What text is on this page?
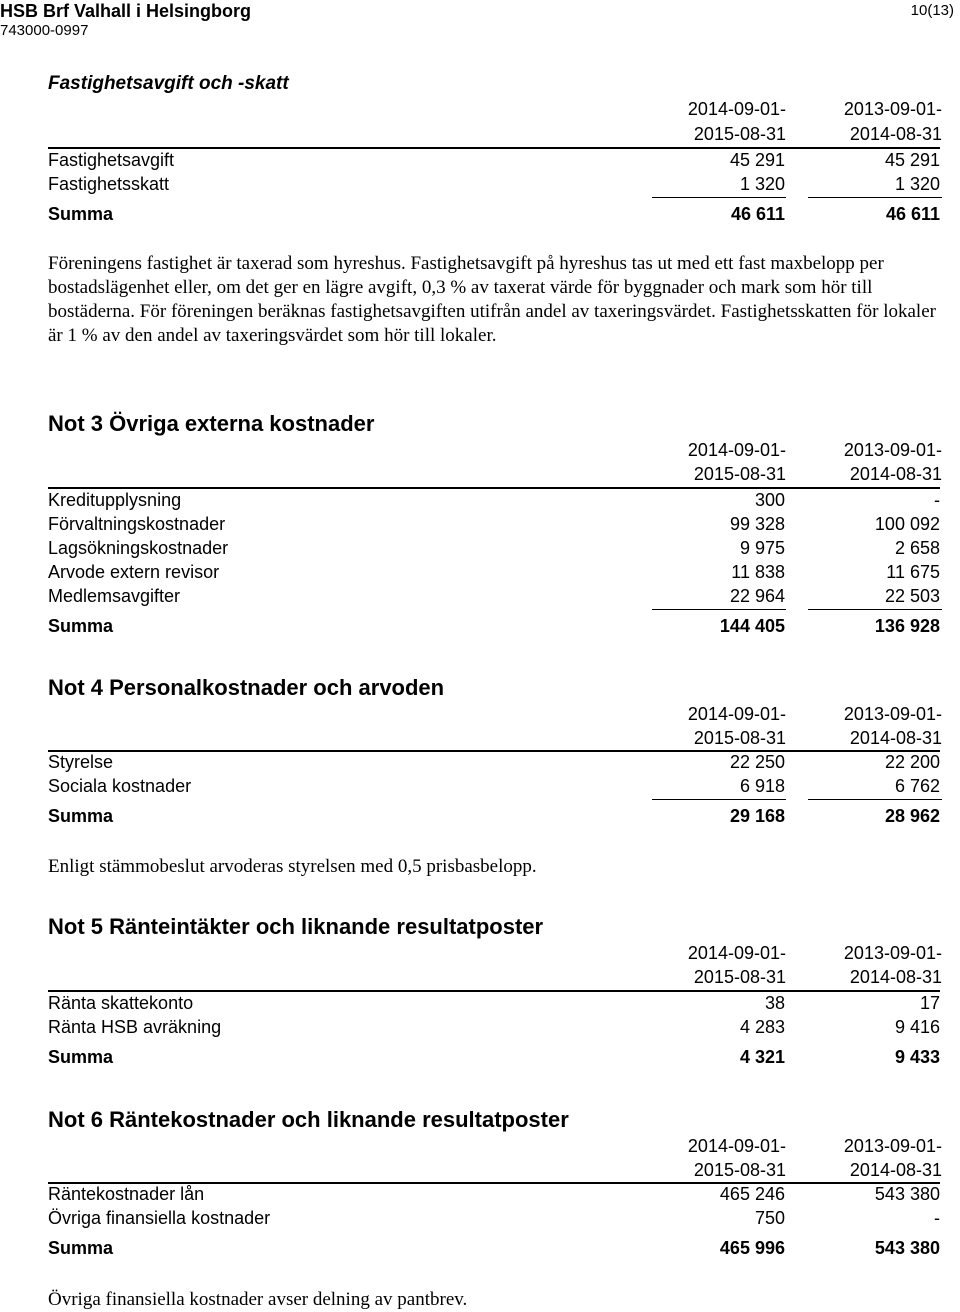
HSB Brf Valhall i Helsingborg
743000-0997
10(13)
Fastighetsavgift och -skatt
2014-09-01-
2015-08-31
2013-09-01-
2014-08-31
Fastighetsavgift	45 291	45 291
Fastighetsskatt	1 320	1 320
Summa	46 611	46 611

Föreningens fastighet är taxerad som hyreshus. Fastighetsavgift på hyreshus tas ut med ett fast maxbelopp per bostadslägenhet eller, om det ger en lägre avgift, 0,3 % av taxerat värde för byggnader och mark som hör till bostäderna. För föreningen beräknas fastighetsavgiften utifrån andel av taxeringsvärdet. Fastighetsskatten för lokaler är 1 % av den andel av taxeringsvärdet som hör till lokaler.

Not 3 Övriga externa kostnader
2014-09-01-
2015-08-31
2013-09-01-
2014-08-31
Kreditupplysning	300	-
Förvaltningskostnader	99 328	100 092
Lagsökningskostnader	9 975	2 658
Arvode extern revisor	11 838	11 675
Medlemsavgifter	22 964	22 503
Summa	144 405	136 928
Not 4 Personalkostnader och arvoden
2014-09-01-
2015-08-31
2013-09-01-
2014-08-31
Styrelse	22 250	22 200
Sociala kostnader	6 918	6 762
Summa	29 168	28 962

Enligt stämmobeslut arvoderas styrelsen med 0,5 prisbasbelopp.

Not 5 Ränteintäkter och liknande resultatposter
2014-09-01-
2015-08-31
2013-09-01-
2014-08-31
Ränta skattekonto	38	17
Ränta HSB avräkning	4 283	9 416
Summa	4 321	9 433
Not 6 Räntekostnader och liknande resultatposter
2014-09-01-
2015-08-31
2013-09-01-
2014-08-31
Räntekostnader lån	465 246	543 380
Övriga finansiella kostnader	750	-
Summa	465 996	543 380

Övriga finansiella kostnader avser delning av pantbrev.
